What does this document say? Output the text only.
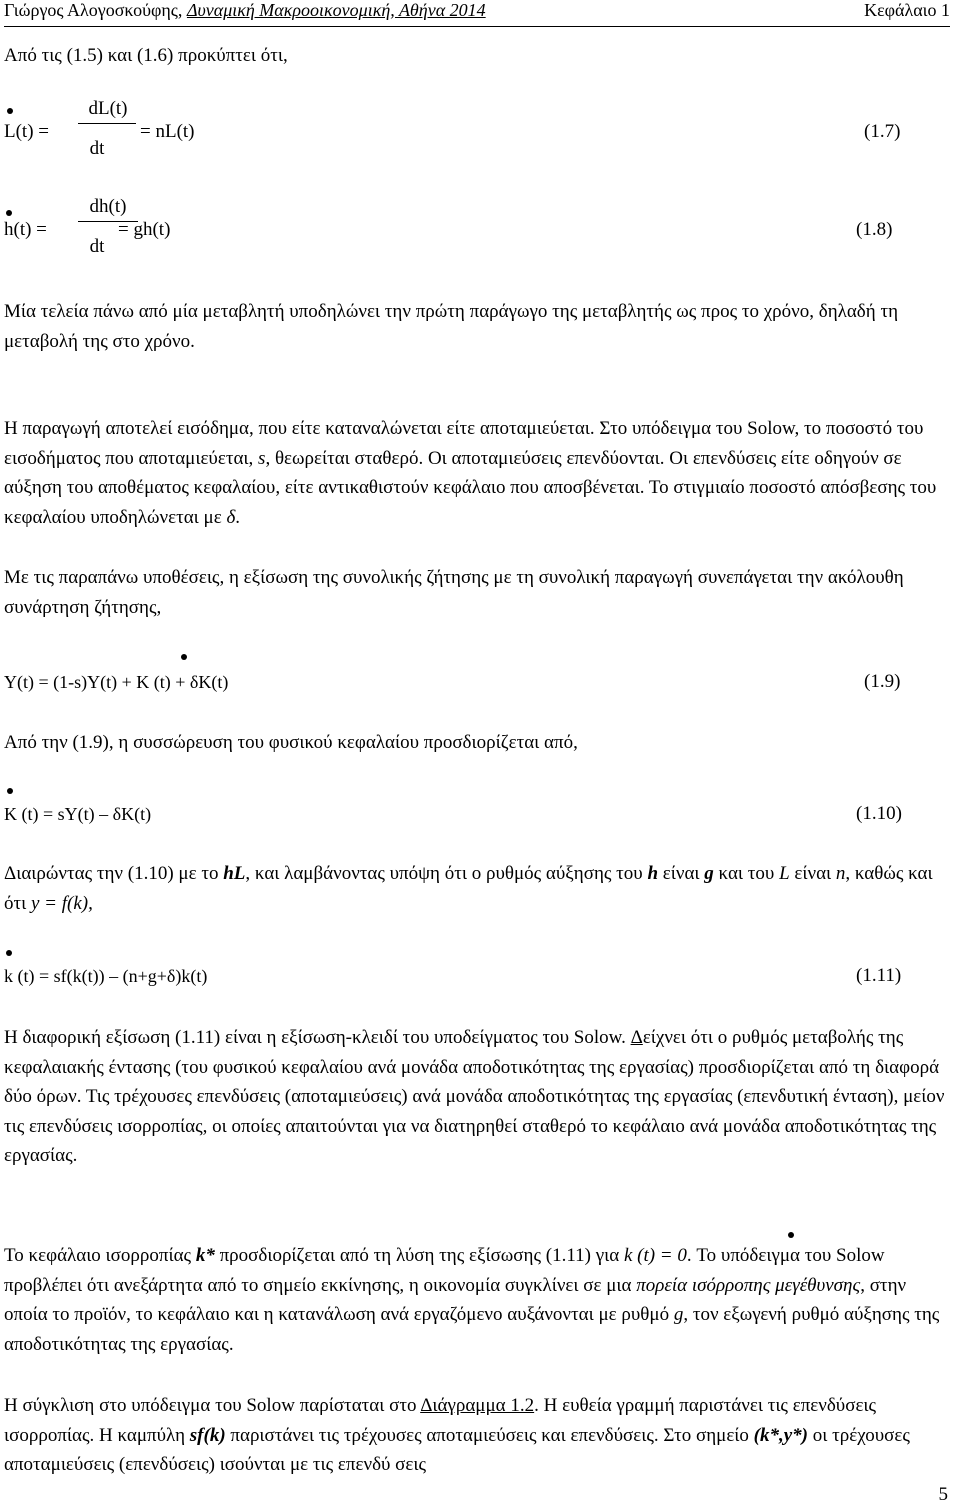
Γιώργος Αλογοσκούφης, Δυναμική Μακροοικονομική, Αθήνα 2014	Κεφάλαιο 1
Από τις (1.5) και (1.6) προκύπτει ότι,
L(t) =
dL(t)
dt
= nL(t)	(1.7)
h(t) =
dh(t)
dt
= gh(t)	(1.8)
Μία τελεία πάνω από μία μεταβλητή υποδηλώνει την πρώτη παράγωγο της μεταβλητής ως προς το χρόνο, δηλαδή τη μεταβολή της στο χρόνο.
Η παραγωγή αποτελεί εισόδημα, που είτε καταναλώνεται είτε αποταμιεύεται. Στο υπόδειγμα του Solow, το ποσοστό του εισοδήματος που αποταμιεύεται, s, θεωρείται σταθερό. Οι αποταμιεύσεις επενδύονται. Οι επενδύσεις είτε οδηγούν σε αύξηση του αποθέματος κεφαλαίου, είτε αντικαθιστούν κεφάλαιο που αποσβένεται. Το στιγμιαίο ποσοστό απόσβεσης του κεφαλαίου υποδηλώνεται με δ.
Με τις παραπάνω υποθέσεις, η εξίσωση της συνολικής ζήτησης με τη συνολική παραγωγή συνεπάγεται την ακόλουθη συνάρτηση ζήτησης,
Y(t) = (1-s)Y(t) + K (t) + δK(t)	(1.9)
Από την (1.9), η συσσώρευση του φυσικού κεφαλαίου προσδιορίζεται από,
K (t) = sY(t) – δK(t)	(1.10)
Διαιρώντας την (1.10) με το hL, και λαμβάνοντας υπόψη ότι ο ρυθμός αύξησης του h είναι g και του L είναι n, καθώς και ότι y = f(k),
k (t) = sf(k(t)) – (n+g+δ)k(t)	(1.11)
Η διαφορική εξίσωση (1.11) είναι η εξίσωση-κλειδί του υποδείγματος του Solow. Δείχνει ότι ο ρυθμός μεταβολής της κεφαλαιακής έντασης (του φυσικού κεφαλαίου ανά μονάδα αποδοτικότητας της εργασίας) προσδιορίζεται από τη διαφορά δύο όρων. Τις τρέχουσες επενδύσεις (αποταμιεύσεις) ανά μονάδα αποδοτικότητας της εργασίας (επενδυτική ένταση), μείον τις επενδύσεις ισορροπίας, οι οποίες απαιτούνται για να διατηρηθεί σταθερό το κεφάλαιο ανά μονάδα αποδοτικότητας της εργασίας.
Το κεφάλαιο ισορροπίας k* προσδιορίζεται από τη λύση της εξίσωσης (1.11) για k (t) = 0. Το υπόδειγμα του Solow προβλέπει ότι ανεξάρτητα από το σημείο εκκίνησης, η οικονομία συγκλίνει σε μια πορεία ισόρροπης μεγέθυνσης, στην οποία το προϊόν, το κεφάλαιο και η κατανάλωση ανά εργαζόμενο αυξάνονται με ρυθμό g, τον εξωγενή ρυθμό αύξησης της αποδοτικότητας της εργασίας.
Η σύγκλιση στο υπόδειγμα του Solow παρίσταται στο Διάγραμμα 1.2. Η ευθεία γραμμή παριστάνει τις επενδύσεις ισορροπίας. Η καμπύλη sf(k) παριστάνει τις τρέχουσες αποταμιεύσεις και επενδύσεις. Στο σημείο (k*,y*) οι τρέχουσες αποταμιεύσεις (επενδύσεις) ισούνται με τις επενδύ σεις
5
